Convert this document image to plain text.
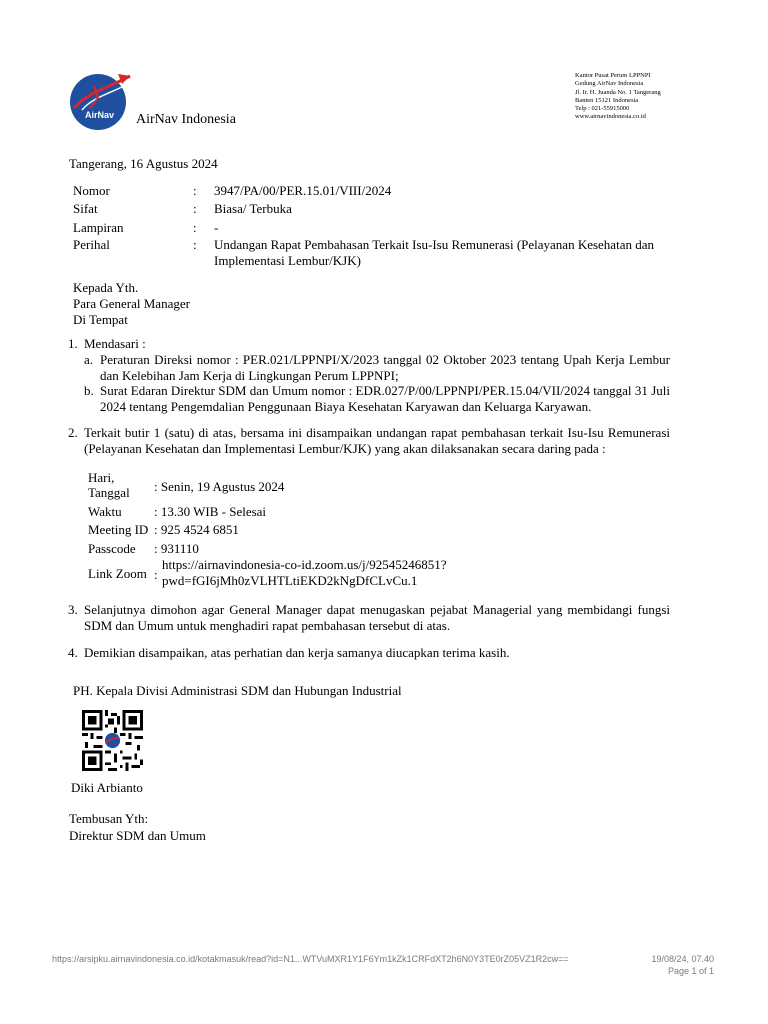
AirNav AirNav Indonesia
Kantor Pusat Perum LPPNPI
Gedung AirNav Indonesia
Jl. Ir. H. Juanda No. 1 Tangerang
Banten 15121 Indonesia
Telp : 021-55915000
www.airnavindonesia.co.id
Tangerang, 16 Agustus 2024
Nomor	: 3947/PA/00/PER.15.01/VIII/2024
Sifat	: Biasa/ Terbuka
Lampiran	: -
Perihal	: Undangan Rapat Pembahasan Terkait Isu-Isu Remunerasi (Pelayanan Kesehatan dan
Implementasi Lembur/KJK)
Kepada Yth.
Para General Manager
Di Tempat
1. Mendasari :
a. Peraturan Direksi nomor : PER.021/LPPNPI/X/2023 tanggal 02 Oktober 2023 tentang Upah Kerja Lembur dan Kelebihan Jam Kerja di Lingkungan Perum LPPNPI;
b. Surat Edaran Direktur SDM dan Umum nomor : EDR.027/P/00/LPPNPI/PER.15.04/VII/2024 tanggal 31 Juli 2024 tentang Pengemdalian Penggunaan Biaya Kesehatan Karyawan dan Keluarga Karyawan.
2. Terkait butir 1 (satu) di atas, bersama ini disampaikan undangan rapat pembahasan terkait Isu-Isu Remunerasi (Pelayanan Kesehatan dan Implementasi Lembur/KJK) yang akan dilaksanakan secara daring pada :
Hari,
Tanggal : Senin, 19 Agustus 2024
Waktu : 13.30 WIB - Selesai
Meeting ID : 925 4524 6851
Passcode : 931110
Link Zoom :
https://airnavindonesia-co-id.zoom.us/j/92545246851?
pwd=fGI6jMh0zVLHTLtiEKD2kNgDfCLvCu.1
3. Selanjutnya dimohon agar General Manager dapat menugaskan pejabat Managerial yang membidangi fungsi SDM dan Umum untuk menghadiri rapat pembahasan tersebut di atas.
4. Demikian disampaikan, atas perhatian dan kerja samanya diucapkan terima kasih.
PH. Kepala Divisi Administrasi SDM dan Hubungan Industrial
Diki Arbianto
Tembusan Yth:
Direktur SDM dan Umum
https://arsipku.airnavindonesia.co.id/kotakmasuk/read?id=N1...WTVuMXR1Y1F6Ym1kZk1CRFdXT2h6N0Y3TE0rZ05VZ1R2cw==	19/08/24, 07.40
Page 1 of 1
